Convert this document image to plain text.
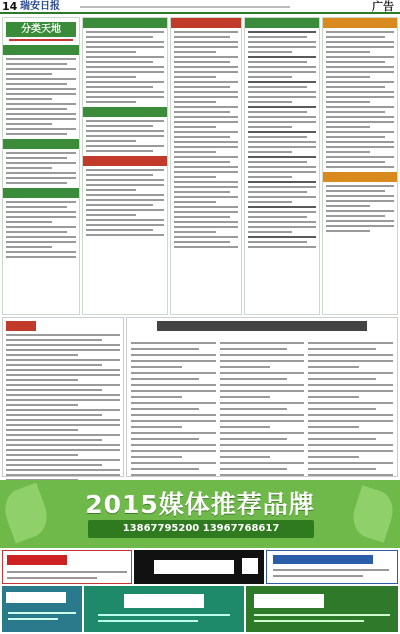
14 瑞安日报	广告
分类天地
2015媒体推荐品牌
13867795200 13967768617
